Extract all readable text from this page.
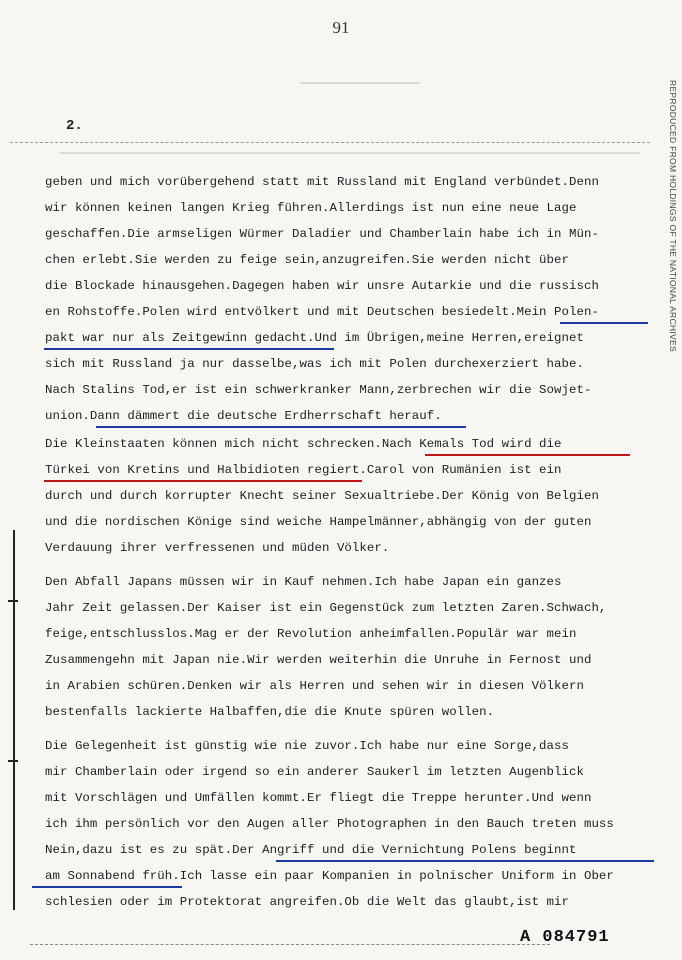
91
2.	REPRODUCED FROM HOLDINGS OF THE NATIONAL ARCHIVES
geben und mich vorübergehend statt mit Russland mit England verbündet.Denn
wir können keinen langen Krieg führen.Allerdings ist nun eine neue Lage
geschaffen.Die armseligen Würmer Daladier und Chamberlain habe ich in Mün-
chen erlebt.Sie werden zu feige sein,anzugreifen.Sie werden nicht über
die Blockade hinausgehen.Dagegen haben wir unsre Autarkie und die russisch
en Rohstoffe.Polen wird entvölkert und mit Deutschen besiedelt.Mein Polen-
pakt war nur als Zeitgewinn gedacht.Und im Übrigen,meine Herren,ereignet
sich mit Russland ja nur dasselbe,was ich mit Polen durchexerziert habe.
Nach Stalins Tod,er ist ein schwerkranker Mann,zerbrechen wir die Sowjet-
union.Dann dämmert die deutsche Erdherrschaft herauf.
Die Kleinstaaten können mich nicht schrecken.Nach Kemals Tod wird die
Türkei von Kretins und Halbidioten regiert.Carol von Rumänien ist ein
durch und durch korrupter Knecht seiner Sexualtriebe.Der König von Belgien
und die nordischen Könige sind weiche Hampelmänner,abhängig von der guten
Verdauung ihrer verfressenen und müden Völker.
Den Abfall Japans müssen wir in Kauf nehmen.Ich habe Japan ein ganzes
Jahr Zeit gelassen.Der Kaiser ist ein Gegenstück zum letzten Zaren.Schwach,
feige,entschlusslos.Mag er der Revolution anheimfallen.Populär war mein
Zusammengehn mit Japan nie.Wir werden weiterhin die Unruhe in Fernost und
in Arabien schüren.Denken wir als Herren und sehen wir in diesen Völkern
bestenfalls lackierte Halbaffen,die die Knute spüren wollen.
Die Gelegenheit ist günstig wie nie zuvor.Ich habe nur eine Sorge,dass
mir Chamberlain oder irgend so ein anderer Saukerl im letzten Augenblick
mit Vorschlägen und Umfällen kommt.Er fliegt die Treppe herunter.Und wenn
ich ihm persönlich vor den Augen aller Photographen in den Bauch treten muss
Nein,dazu ist es zu spät.Der Angriff und die Vernichtung Polens beginnt
am Sonnabend früh.Ich lasse ein paar Kompanien in polnischer Uniform in Ober
schlesien oder im Protektorat angreifen.Ob die Welt das glaubt,ist mir
A 084791
